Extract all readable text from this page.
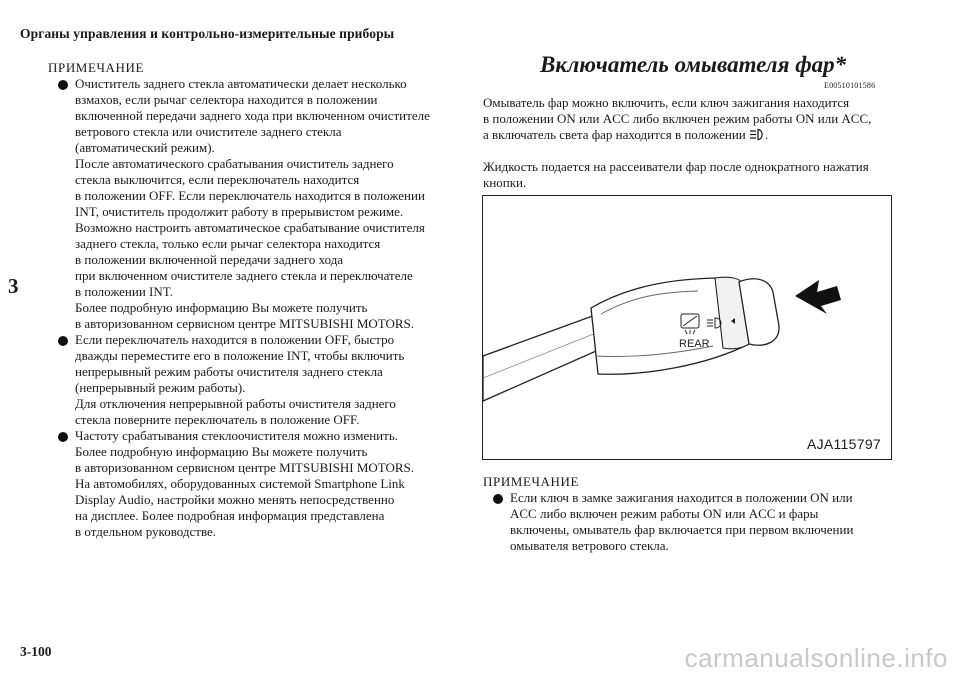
Органы управления и контрольно-измерительные приборы
3
ПРИМЕЧАНИЕ

Очиститель заднего стекла автоматически делает несколько
взмахов, если рычаг селектора находится в положении
включенной передачи заднего хода при включенном очистителе
ветрового стекла или очистителе заднего стекла
(автоматический режим).
После автоматического срабатывания очиститель заднего
стекла выключится, если переключатель находится
в положении OFF. Если переключатель находится в положении
INT, очиститель продолжит работу в прерывистом режиме.
Возможно настроить автоматическое срабатывание очистителя
заднего стекла, только если рычаг селектора находится
в положении включенной передачи заднего хода
при включенном очистителе заднего стекла и переключателе
в положении INT.
Более подробную информацию Вы можете получить
в авторизованном сервисном центре MITSUBISHI MOTORS.

Если переключатель находится в положении OFF, быстро
дважды переместите его в положение INT, чтобы включить
непрерывный режим работы очистителя заднего стекла
(непрерывный режим работы).
Для отключения непрерывной работы очистителя заднего
стекла поверните переключатель в положение OFF.

Частоту срабатывания стеклоочистителя можно изменить.
Более подробную информацию Вы можете получить
в авторизованном сервисном центре MITSUBISHI MOTORS.
На автомобилях, оборудованных системой Smartphone Link
Display Audio, настройки можно менять непосредственно
на дисплее. Более подробная информация представлена
в отдельном руководстве.

Включатель омывателя фар*
E00510101586

Омыватель фар можно включить, если ключ зажигания находится
в положении ON или ACC либо включен режим работы ON или ACC,
а включатель света фар находится в положении .

Жидкость подается на рассеиватели фар после однократного нажатия
кнопки.

REAR
AJA115797
ПРИМЕЧАНИЕ

Если ключ в замке зажигания находится в положении ON или
ACC либо включен режим работы ON или ACC и фары
включены, омыватель фар включается при первом включении
омывателя ветрового стекла.

3-100	carmanualsonline.info
